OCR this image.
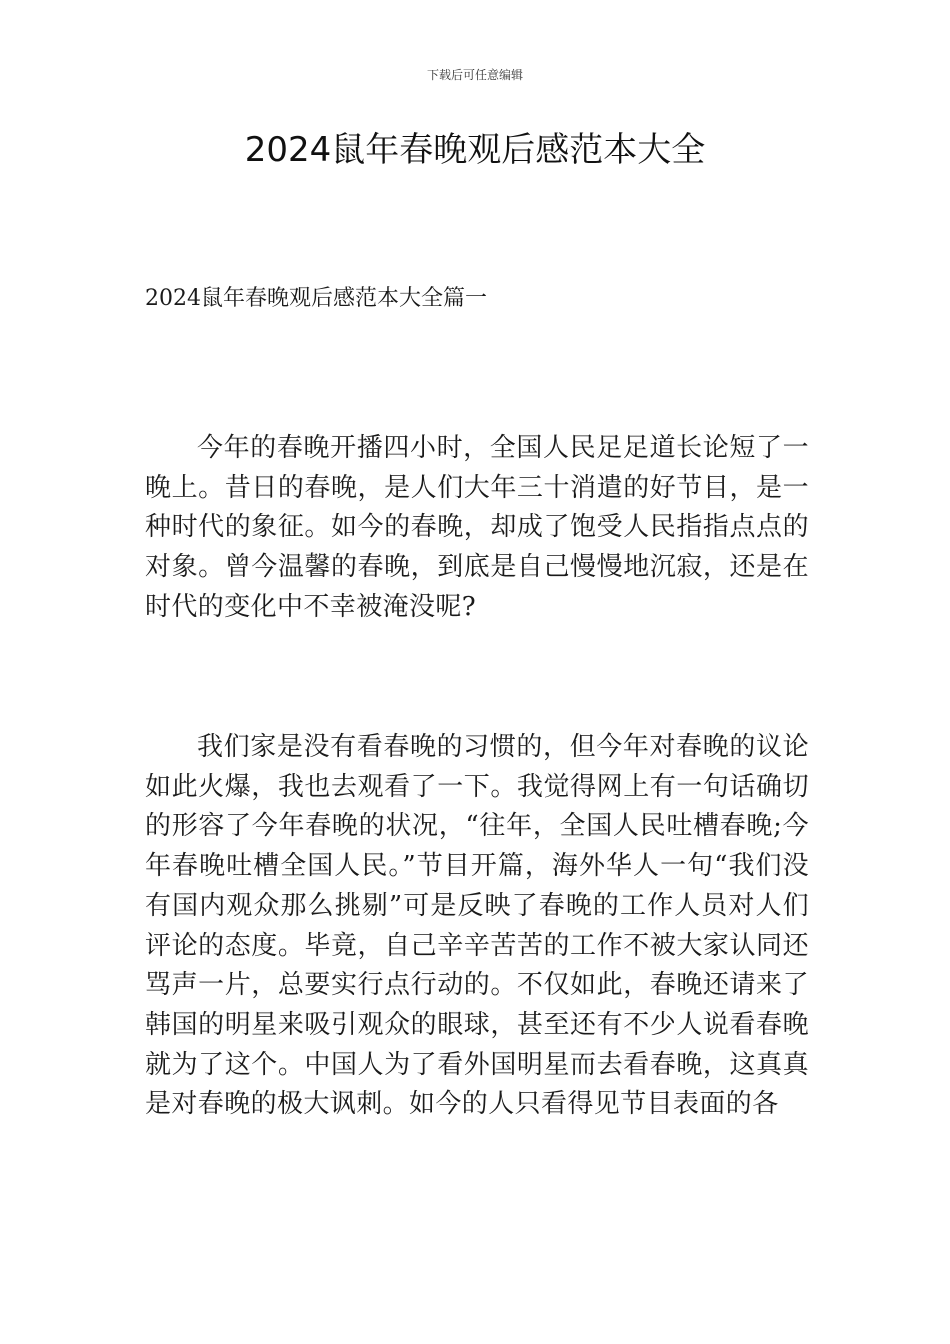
下载后可任意编辑
2024鼠年春晚观后感范本大全
2024鼠年春晚观后感范本大全篇一

今年的春晚开播四小时，全国人民足足道长论短了一晚上。昔日的春晚，是人们大年三十消遣的好节目，是一种时代的象征。如今的春晚，却成了饱受人民指指点点的对象。曾今温馨的春晚，到底是自己慢慢地沉寂，还是在时代的变化中不幸被淹没呢?

我们家是没有看春晚的习惯的，但今年对春晚的议论如此火爆，我也去观看了一下。我觉得网上有一句话确切的形容了今年春晚的状况，“往年，全国人民吐槽春晚;今年春晚吐槽全国人民。”节目开篇，海外华人一句“我们没有国内观众那么挑剔”可是反映了春晚的工作人员对人们评论的态度。毕竟，自己辛辛苦苦的工作不被大家认同还骂声一片，总要实行点行动的。不仅如此，春晚还请来了韩国的明星来吸引观众的眼球，甚至还有不少人说看春晚就为了这个。中国人为了看外国明星而去看春晚，这真真是对春晚的极大讽刺。如今的人只看得见节目表面的各
